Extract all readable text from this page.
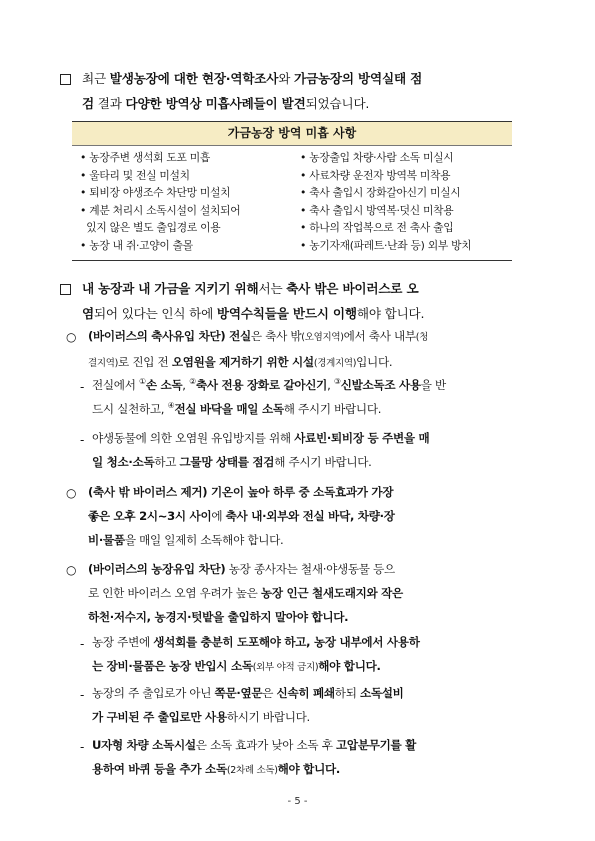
최근 발생농장에 대한 현장·역학조사와 가금농장의 방역실태 점
검 결과 다양한 방역상 미흡사례들이 발견되었습니다.
가금농장 방역 미흡 사항
• 농장주변 생석회 도포 미흡
• 울타리 및 전실 미설치
• 퇴비장 야생조수 차단망 미설치
• 계분 처리시 소독시설이 설치되어
있지 않은 별도 출입경로 이용
• 농장 내 쥐·고양이 출몰
• 농장출입 차량·사람 소독 미실시
• 사료차량 운전자 방역복 미착용
• 축사 출입시 장화갈아신기 미실시
• 축사 출입시 방역복·덧신 미착용
• 하나의 작업복으로 전 축사 출입
• 농기자재(파레트·난좌 등) 외부 방치
내 농장과 내 가금을 지키기 위해서는 축사 밖은 바이러스로 오
염되어 있다는 인식 하에 방역수칙들을 반드시 이행해야 합니다.
○ (바이러스의 축사유입 차단) 전실은 축사 밖(오염지역)에서 축사 내부(청
결지역)로 진입 전 오염원을 제거하기 위한 시설(경계지역)입니다.
- 전실에서 ①손 소독, ②축사 전용 장화로 갈아신기, ③신발소독조 사용을 반
드시 실천하고, ④전실 바닥을 매일 소독해 주시기 바랍니다.
- 야생동물에 의한 오염원 유입방지를 위해 사료빈·퇴비장 등 주변을 매
일 청소·소독하고 그물망 상태를 점검해 주시기 바랍니다.
○ (축사 밖 바이러스 제거) 기온이 높아 하루 중 소독효과가 가장
좋은 오후 2시~3시 사이에 축사 내·외부와 전실 바닥, 차량·장
비·물품을 매일 일제히 소독해야 합니다.
○ (바이러스의 농장유입 차단) 농장 종사자는 철새·야생동물 등으
로 인한 바이러스 오염 우려가 높은 농장 인근 철새도래지와 작은
하천·저수지, 농경지·텃밭을 출입하지 말아야 합니다.
- 농장 주변에 생석회를 충분히 도포해야 하고, 농장 내부에서 사용하
는 장비·물품은 농장 반입시 소독(외부 야적 금지)해야 합니다.
- 농장의 주 출입로가 아닌 쪽문·옆문은 신속히 폐쇄하되 소독설비
가 구비된 주 출입로만 사용하시기 바랍니다.
- U자형 차량 소독시설은 소독 효과가 낮아 소독 후 고압분무기를 활
용하여 바퀴 등을 추가 소독(2차례 소독)해야 합니다.
- 5 -
